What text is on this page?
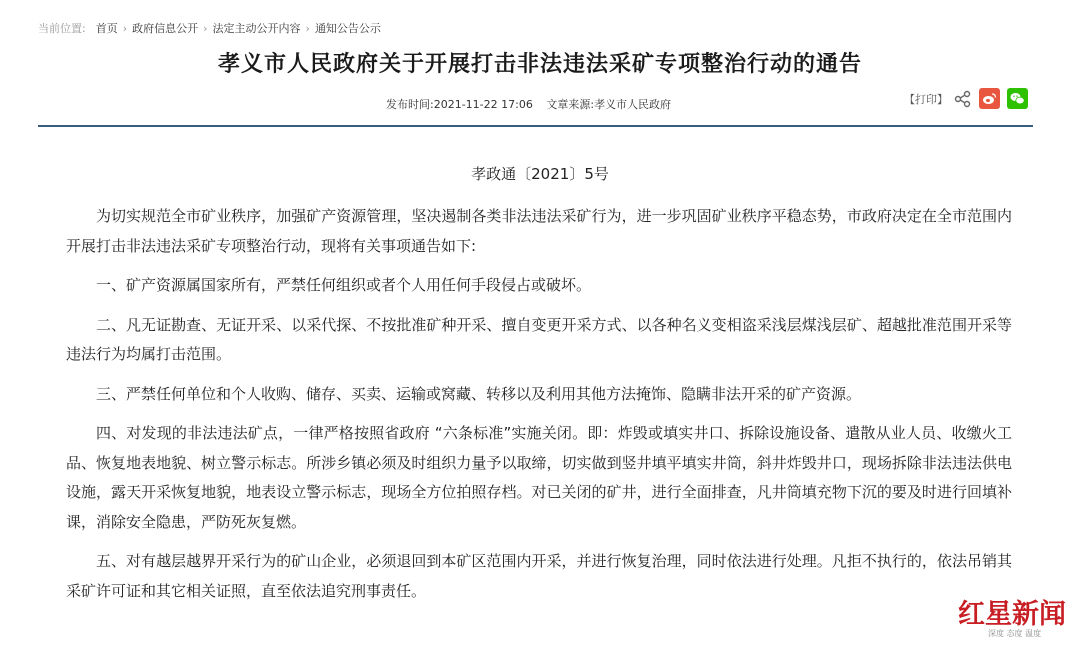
当前位置: 首页 › 政府信息公开 › 法定主动公开内容 › 通知公告公示
孝义市人民政府关于开展打击非法违法采矿专项整治行动的通告
发布时间:2021-11-22 17:06 文章来源:孝义市人民政府	【打印】
孝政通〔2021〕5号

为切实规范全市矿业秩序，加强矿产资源管理，坚决遏制各类非法违法采矿行为，进一步巩固矿业秩序平稳态势，市政府决定在全市范围内开展打击非法违法采矿专项整治行动，现将有关事项通告如下:

一、矿产资源属国家所有，严禁任何组织或者个人用任何手段侵占或破坏。

二、凡无证勘查、无证开采、以采代探、不按批准矿种开采、擅自变更开采方式、以各种名义变相盗采浅层煤浅层矿、超越批准范围开采等违法行为均属打击范围。

三、严禁任何单位和个人收购、储存、买卖、运输或窝藏、转移以及利用其他方法掩饰、隐瞒非法开采的矿产资源。

四、对发现的非法违法矿点，一律严格按照省政府 “六条标准”实施关闭。即：炸毁或填实井口、拆除设施设备、遣散从业人员、收缴火工品、恢复地表地貌、树立警示标志。所涉乡镇必须及时组织力量予以取缔，切实做到竖井填平填实井筒，斜井炸毁井口，现场拆除非法违法供电设施，露天开采恢复地貌，地表设立警示标志，现场全方位拍照存档。对已关闭的矿井，进行全面排查，凡井筒填充物下沉的要及时进行回填补课，消除安全隐患，严防死灰复燃。

五、对有越层越界开采行为的矿山企业，必须退回到本矿区范围内开采，并进行恢复治理，同时依法进行处理。凡拒不执行的，依法吊销其采矿许可证和其它相关证照，直至依法追究刑事责任。

红星新闻
深度 态度 温度
